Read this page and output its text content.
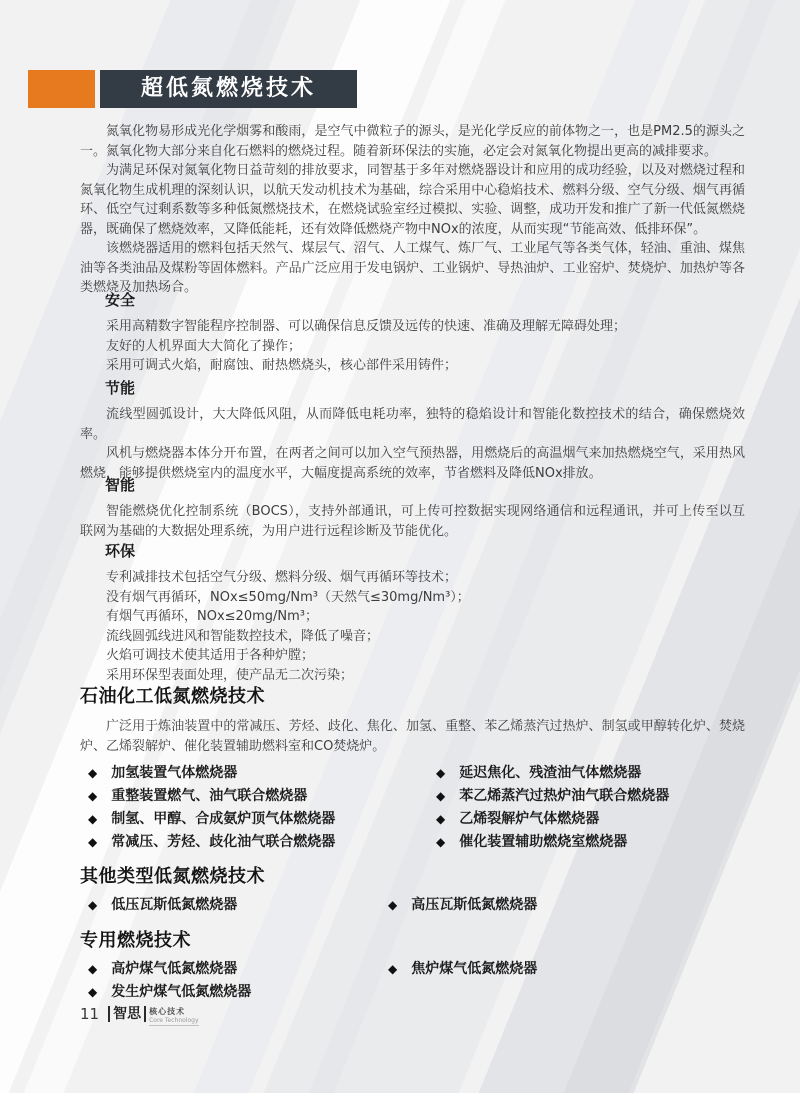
超低氮燃烧技术

氮氧化物易形成光化学烟雾和酸雨，是空气中微粒子的源头，是光化学反应的前体物之一，也是PM2.5的源头之一。氮氧化物大部分来自化石燃料的燃烧过程。随着新环保法的实施，必定会对氮氧化物提出更高的减排要求。

为满足环保对氮氧化物日益苛刻的排放要求，同智基于多年对燃烧器设计和应用的成功经验，以及对燃烧过程和氮氧化物生成机理的深刻认识，以航天发动机技术为基础，综合采用中心稳焰技术、燃料分级、空气分级、烟气再循环、低空气过剩系数等多种低氮燃烧技术，在燃烧试验室经过模拟、实验、调整，成功开发和推广了新一代低氮燃烧器，既确保了燃烧效率，又降低能耗，还有效降低燃烧产物中NOx的浓度，从而实现“节能高效、低排环保”。

该燃烧器适用的燃料包括天然气、煤层气、沼气、人工煤气、炼厂气、工业尾气等各类气体，轻油、重油、煤焦油等各类油品及煤粉等固体燃料。产品广泛应用于发电锅炉、工业锅炉、导热油炉、工业窑炉、焚烧炉、加热炉等各类燃烧及加热场合。

安全

采用高精数字智能程序控制器、可以确保信息反馈及远传的快速、准确及理解无障碍处理；

友好的人机界面大大简化了操作；

采用可调式火焰，耐腐蚀、耐热燃烧头，核心部件采用铸件；

节能

流线型圆弧设计，大大降低风阻，从而降低电耗功率，独特的稳焰设计和智能化数控技术的结合，确保燃烧效率。

风机与燃烧器本体分开布置，在两者之间可以加入空气预热器，用燃烧后的高温烟气来加热燃烧空气，采用热风燃烧，能够提供燃烧室内的温度水平，大幅度提高系统的效率，节省燃料及降低NOx排放。

智能

智能燃烧优化控制系统（BOCS），支持外部通讯，可上传可控数据实现网络通信和远程通讯，并可上传至以互联网为基础的大数据处理系统，为用户进行远程诊断及节能优化。

环保

专利减排技术包括空气分级、燃料分级、烟气再循环等技术；

没有烟气再循环，NOx≤50mg/Nm³（天然气≤30mg/Nm³）；

有烟气再循环，NOx≤20mg/Nm³；

流线圆弧线进风和智能数控技术，降低了噪音；

火焰可调技术使其适用于各种炉膛；

采用环保型表面处理，使产品无二次污染；

石油化工低氮燃烧技术

广泛用于炼油装置中的常减压、芳烃、歧化、焦化、加氢、重整、苯乙烯蒸汽过热炉、制氢或甲醇转化炉、焚烧炉、乙烯裂解炉、催化装置辅助燃料室和CO焚烧炉。

◆ 加氢装置气体燃烧器	◆ 延迟焦化、残渣油气体燃烧器
◆ 重整装置燃气、油气联合燃烧器	◆ 苯乙烯蒸汽过热炉油气联合燃烧器
◆ 制氢、甲醇、合成氨炉顶气体燃烧器	◆ 乙烯裂解炉气体燃烧器
◆ 常减压、芳烃、歧化油气联合燃烧器	◆ 催化装置辅助燃烧室燃烧器
其他类型低氮燃烧技术
◆ 低压瓦斯低氮燃烧器	◆ 高压瓦斯低氮燃烧器
专用燃烧技术
◆ 高炉煤气低氮燃烧器	◆ 焦炉煤气低氮燃烧器
◆ 发生炉煤气低氮燃烧器
11	智思	核心技术
Core Technology
